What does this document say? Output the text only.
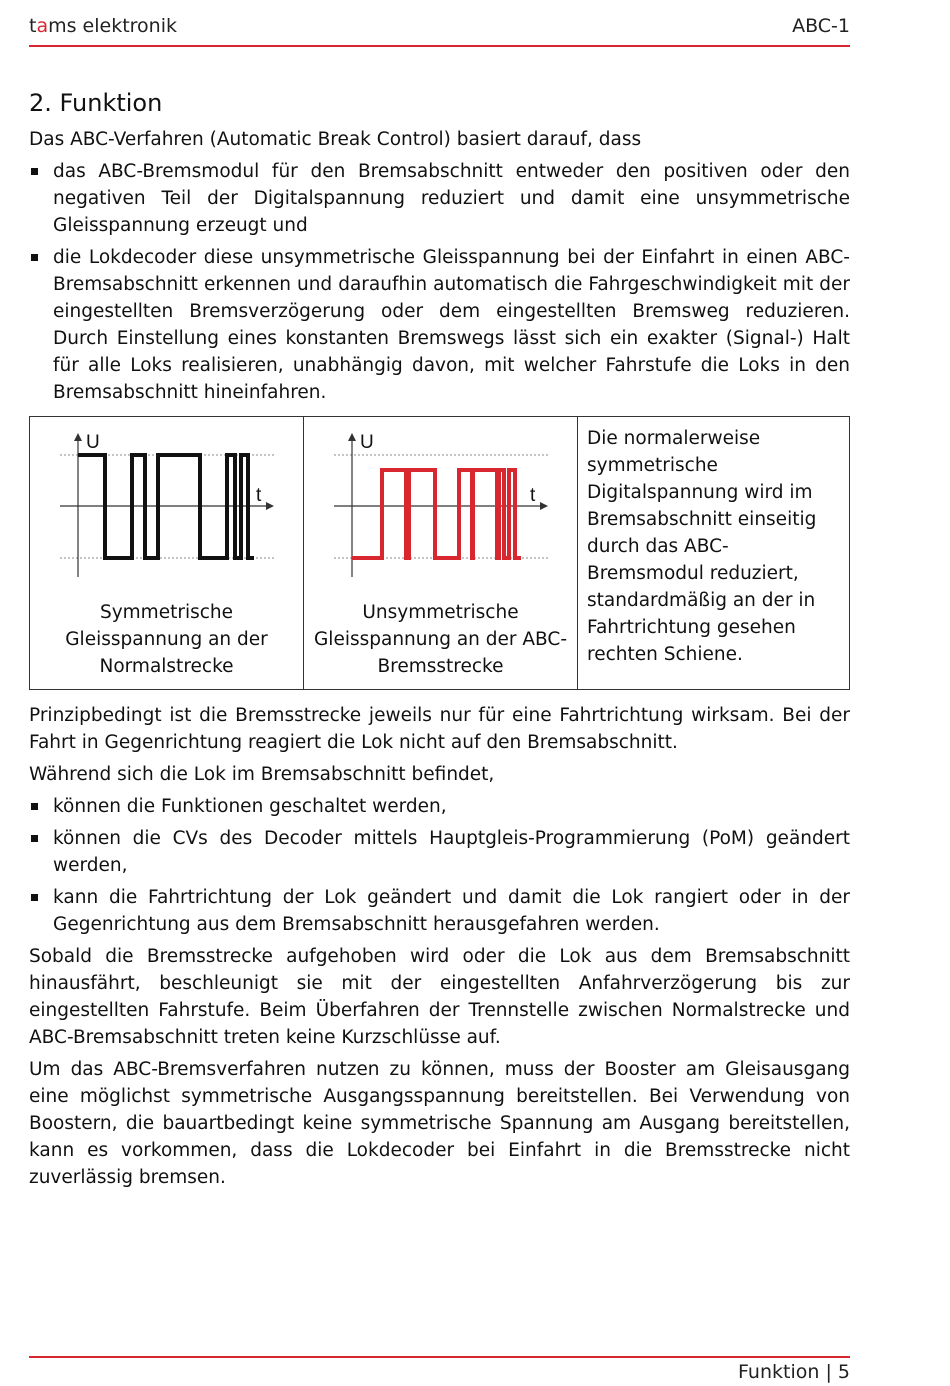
tams elektronik	ABC-1
2. Funktion

Das ABC-Verfahren (Automatic Break Control) basiert darauf, dass

das ABC-Bremsmodul für den Bremsabschnitt entweder den positiven oder den negativen Teil der Digitalspannung reduziert und damit eine unsymmetrische Gleisspannung erzeugt und
die Lokdecoder diese unsymmetrische Gleisspannung bei der Einfahrt in einen ABC-Bremsabschnitt erkennen und daraufhin automatisch die Fahrgeschwindigkeit mit der eingestellten Bremsverzögerung oder dem eingestellten Bremsweg reduzieren. Durch Einstellung eines konstanten Bremswegs lässt sich ein exakter (Signal-) Halt für alle Loks realisieren, unabhängig davon, mit welcher Fahrstufe die Loks in den Bremsabschnitt hineinfahren.
U
t
Symmetrische Gleisspannung an der Normalstrecke
U
t
Unsymmetrische Gleisspannung an der ABC-Bremsstrecke
Die normalerweise symmetrische Digitalspannung wird im Bremsabschnitt einseitig durch das ABC-Bremsmodul reduziert, standardmäßig an der in Fahrtrichtung gesehen rechten Schiene.

Prinzipbedingt ist die Bremsstrecke jeweils nur für eine Fahrtrichtung wirksam. Bei der Fahrt in Gegenrichtung reagiert die Lok nicht auf den Bremsabschnitt.

Während sich die Lok im Bremsabschnitt befindet,

können die Funktionen geschaltet werden,
können die CVs des Decoder mittels Hauptgleis-Programmierung (PoM) geändert werden,
kann die Fahrtrichtung der Lok geändert und damit die Lok rangiert oder in der Gegenrichtung aus dem Bremsabschnitt herausgefahren werden.

Sobald die Bremsstrecke aufgehoben wird oder die Lok aus dem Bremsabschnitt hinausfährt, beschleunigt sie mit der eingestellten Anfahrverzögerung bis zur eingestellten Fahrstufe. Beim Überfahren der Trennstelle zwischen Normalstrecke und ABC-Bremsabschnitt treten keine Kurzschlüsse auf.

Um das ABC-Bremsverfahren nutzen zu können, muss der Booster am Gleisausgang eine möglichst symmetrische Ausgangsspannung bereitstellen. Bei Verwendung von Boostern, die bauartbedingt keine symmetrische Spannung am Ausgang bereitstellen, kann es vorkommen, dass die Lokdecoder bei Einfahrt in die Bremsstrecke nicht zuverlässig bremsen.

Funktion | 5
